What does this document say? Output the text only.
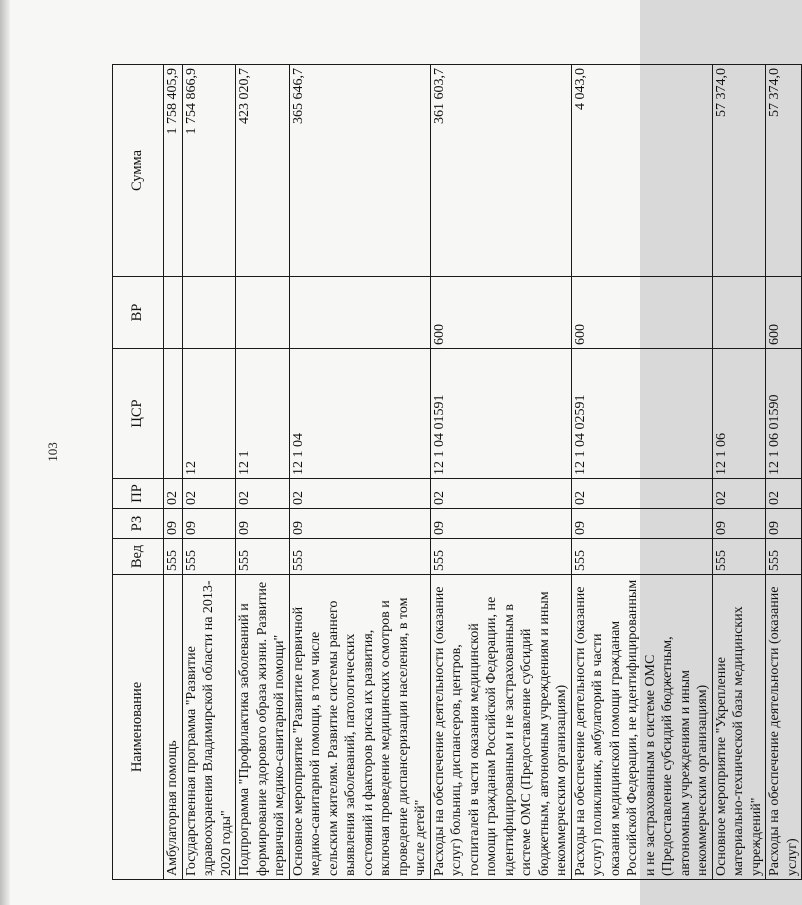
103
Наименование	Вед	РЗ	ПР	ЦСР	ВР	Сумма
Амбулаторная помощь	555	09	02			1 758 405,9
Государственная программа "Развитие здравоохранения Владимирской области на 2013-2020 годы"	555	09	02	12		1 754 866,9
Подпрограмма "Профилактика заболеваний и формирование здорового образа жизни. Развитие первичной медико-санитарной помощи"	555	09	02	12 1		423 020,7
Основное мероприятие "Развитие первичной медико-санитарной помощи, в том числе сельским жителям. Развитие системы раннего выявления заболеваний, патологических состояний и факторов риска их развития, включая проведение медицинских осмотров и проведение диспансеризации населения, в том числе детей"	555	09	02	12 1 04		365 646,7
Расходы на обеспечение деятельности (оказание услуг) больниц, диспансеров, центров, госпиталей в части оказания медицинской помощи гражданам Российской Федерации, не идентифицированным и не застрахованным в системе ОМС (Предоставление субсидий бюджетным, автономным учреждениям и иным некоммерческим организациям)	555	09	02	12 1 04 01591	600	361 603,7
Расходы на обеспечение деятельности (оказание услуг) поликлиник, амбулаторий в части оказания медицинской помощи гражданам Российской Федерации, не идентифицированным и не застрахованным в системе ОМС (Предоставление субсидий бюджетным, автономным учреждениям и иным некоммерческим организациям)	555	09	02	12 1 04 02591	600	4 043,0
Основное мероприятие "Укрепление материально-технической базы медицинских учреждений"	555	09	02	12 1 06		57 374,0
Расходы на обеспечение деятельности (оказание услуг)	555	09	02	12 1 06 01590	600	57 374,0
